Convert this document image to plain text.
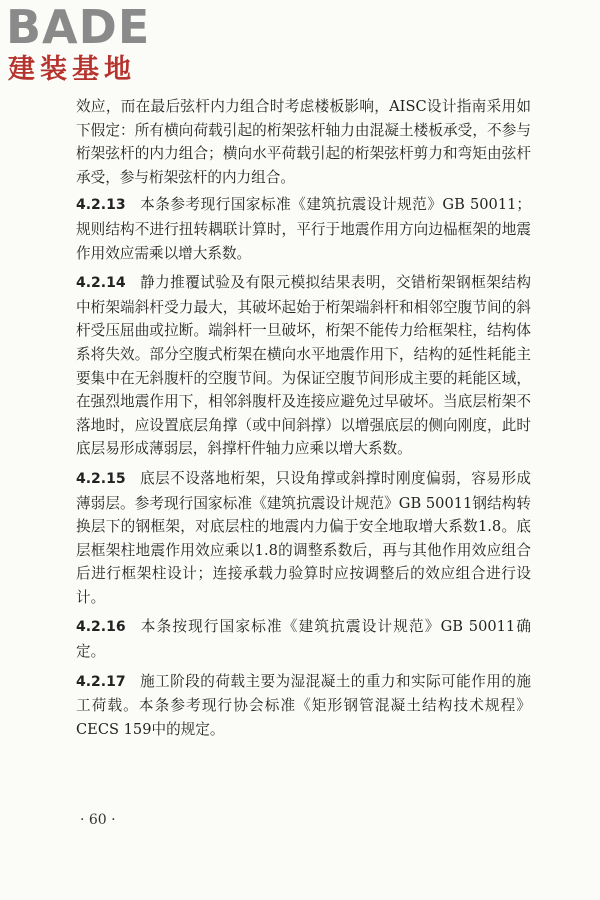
BADE
建装基地

效应，而在最后弦杆内力组合时考虑楼板影响，AISC设计指南采用如下假定：所有横向荷载引起的桁架弦杆轴力由混凝土楼板承受，不参与桁架弦杆的内力组合；横向水平荷载引起的桁架弦杆剪力和弯矩由弦杆承受，参与桁架弦杆的内力组合。

4.2.13 本条参考现行国家标准《建筑抗震设计规范》GB 50011；规则结构不进行扭转耦联计算时，平行于地震作用方向边榀框架的地震作用效应需乘以增大系数。

4.2.14 静力推覆试验及有限元模拟结果表明，交错桁架钢框架结构中桁架端斜杆受力最大，其破坏起始于桁架端斜杆和相邻空腹节间的斜杆受压屈曲或拉断。端斜杆一旦破坏，桁架不能传力给框架柱，结构体系将失效。部分空腹式桁架在横向水平地震作用下，结构的延性耗能主要集中在无斜腹杆的空腹节间。为保证空腹节间形成主要的耗能区域，在强烈地震作用下，相邻斜腹杆及连接应避免过早破坏。当底层桁架不落地时，应设置底层角撑（或中间斜撑）以增强底层的侧向刚度，此时底层易形成薄弱层，斜撑杆件轴力应乘以增大系数。

4.2.15 底层不设落地桁架，只设角撑或斜撑时刚度偏弱，容易形成薄弱层。参考现行国家标准《建筑抗震设计规范》GB 50011钢结构转换层下的钢框架，对底层柱的地震内力偏于安全地取增大系数1.8。底层框架柱地震作用效应乘以1.8的调整系数后，再与其他作用效应组合后进行框架柱设计；连接承载力验算时应按调整后的效应组合进行设计。

4.2.16 本条按现行国家标准《建筑抗震设计规范》GB 50011确定。

4.2.17 施工阶段的荷载主要为湿混凝土的重力和实际可能作用的施工荷载。本条参考现行协会标准《矩形钢管混凝土结构技术规程》CECS 159中的规定。

· 60 ·
